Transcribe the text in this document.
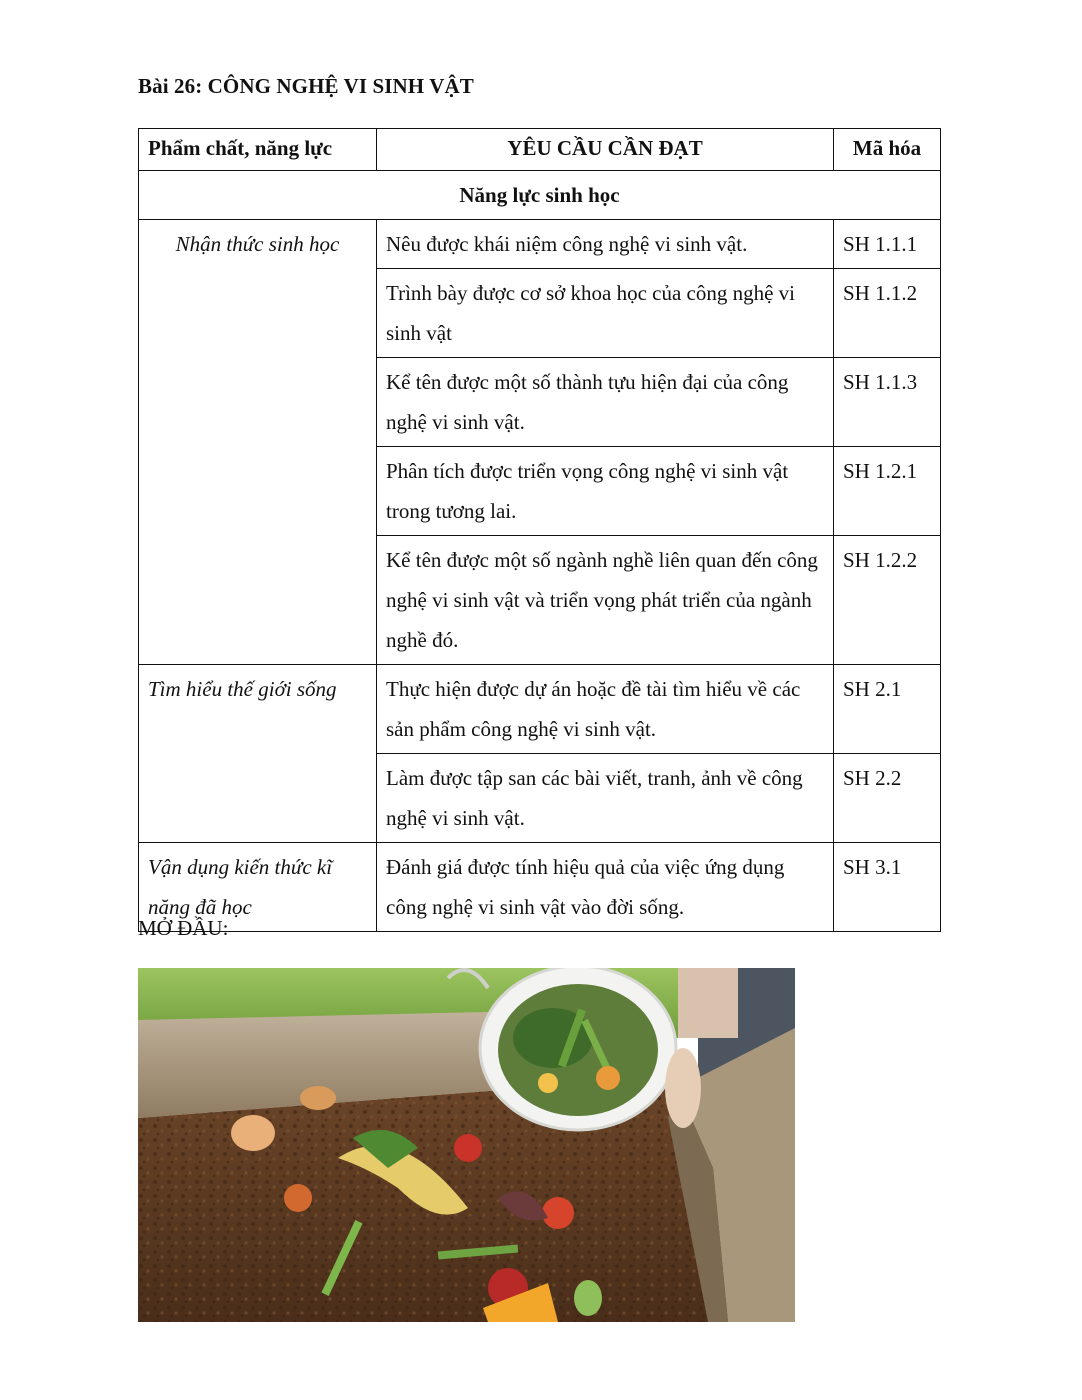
Bài 26: CÔNG NGHỆ VI SINH VẬT
Phẩm chất, năng lực	YÊU CẦU CẦN ĐẠT	Mã hóa
Năng lực sinh học		
Nhận thức sinh học	Nêu được khái niệm công nghệ vi sinh vật.	SH 1.1.1
	Trình bày được cơ sở khoa học của công nghệ vi sinh vật	SH 1.1.2
	Kể tên được một số thành tựu hiện đại của công nghệ vi sinh vật.	SH 1.1.3
	Phân tích được triển vọng công nghệ vi sinh vật trong tương lai.	SH 1.2.1
	Kể tên được một số ngành nghề liên quan đến công nghệ vi sinh vật và triển vọng phát triển của ngành nghề đó.	SH 1.2.2
Tìm hiểu thế giới sống	Thực hiện được dự án hoặc đề tài tìm hiểu về các sản phẩm công nghệ vi sinh vật.	SH 2.1
	Làm được tập san các bài viết, tranh, ảnh về công nghệ vi sinh vật.	SH 2.2
Vận dụng kiến thức kĩ năng đã học	Đánh giá được tính hiệu quả của việc ứng dụng công nghệ vi sinh vật vào đời sống.	SH 3.1
MỞ ĐẦU:
